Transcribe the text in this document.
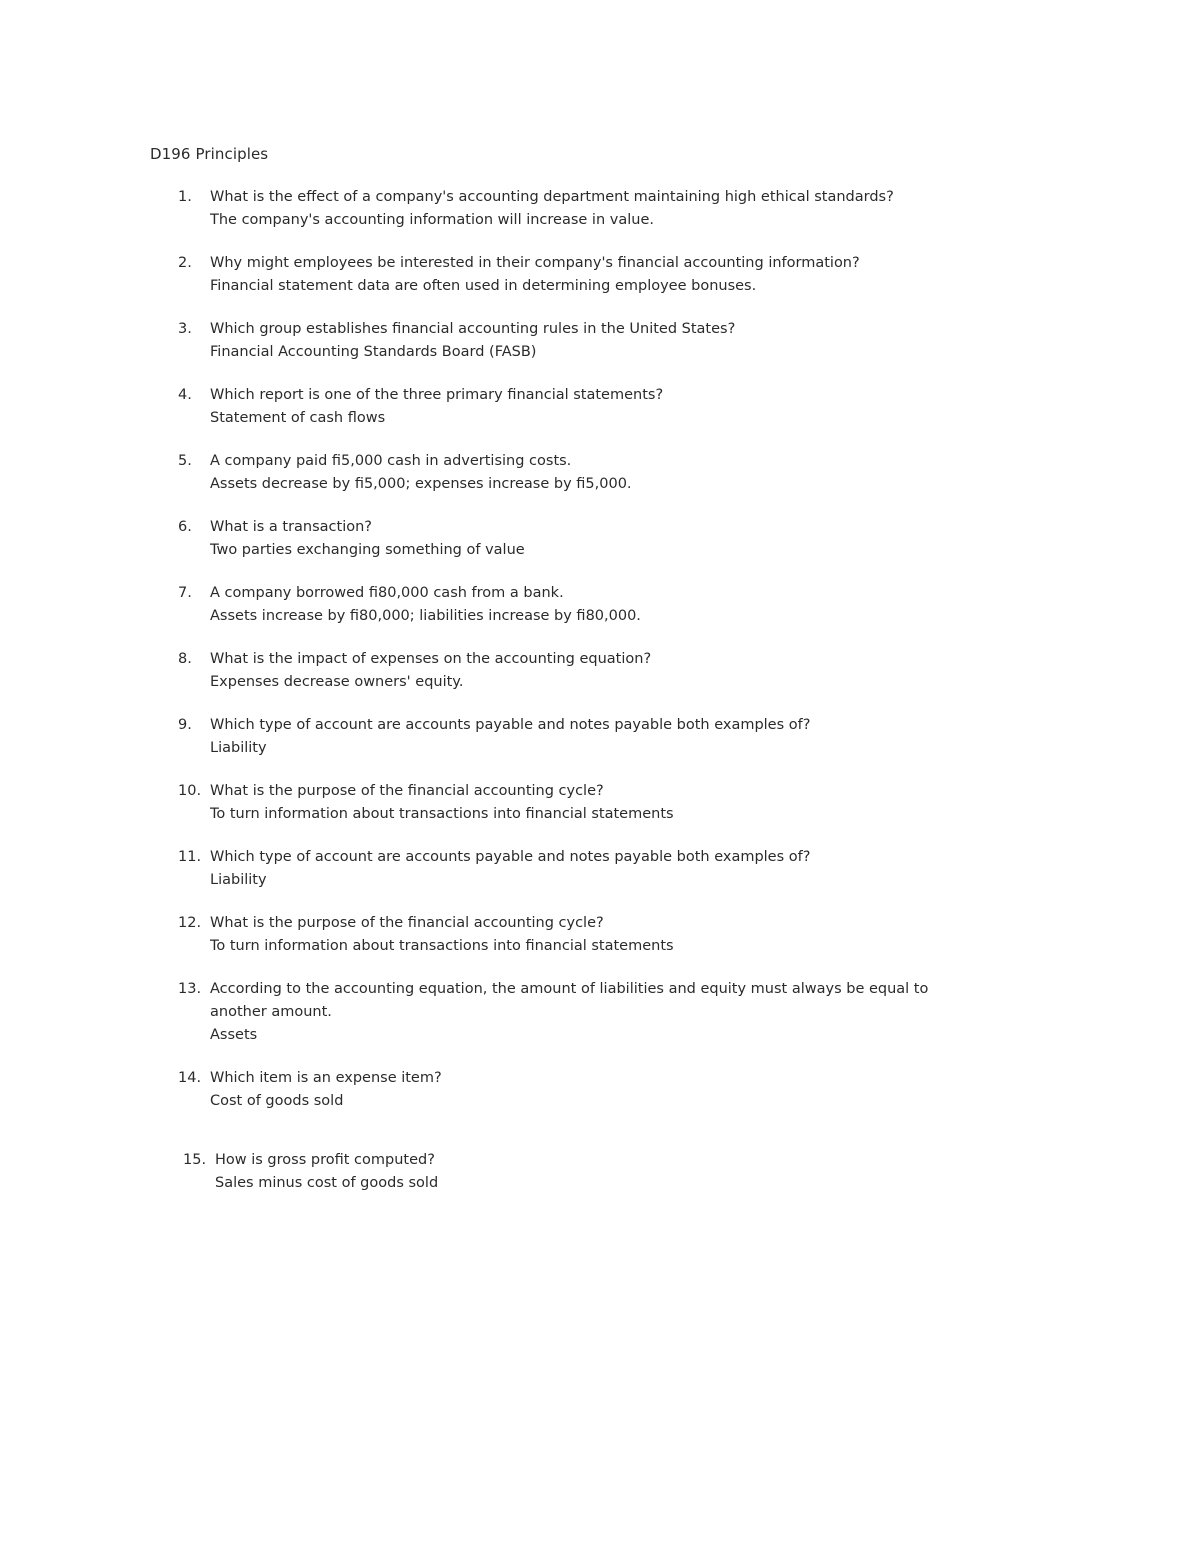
D196 Principles
1.	What is the effect of a company's accounting department maintaining high ethical standards?
The company's accounting information will increase in value.
2.	Why might employees be interested in their company's financial accounting information?
Financial statement data are often used in determining employee bonuses.
3.	Which group establishes financial accounting rules in the United States?
Financial Accounting Standards Board (FASB)
4.	Which report is one of the three primary financial statements?
Statement of cash flows
5.	A company paid fi5,000 cash in advertising costs.
Assets decrease by fi5,000; expenses increase by fi5,000.
6.	What is a transaction?
Two parties exchanging something of value
7.	A company borrowed fi80,000 cash from a bank.
Assets increase by fi80,000; liabilities increase by fi80,000.
8.	What is the impact of expenses on the accounting equation?
Expenses decrease owners' equity.
9.	Which type of account are accounts payable and notes payable both examples of?
Liability
10. What is the purpose of the financial accounting cycle?
To turn information about transactions into financial statements
11. Which type of account are accounts payable and notes payable both examples of?
Liability
12. What is the purpose of the financial accounting cycle?
To turn information about transactions into financial statements
13. According to the accounting equation, the amount of liabilities and equity must always be equal to another amount.
Assets
14. Which item is an expense item?
Cost of goods sold
15. How is gross profit computed?
Sales minus cost of goods sold
